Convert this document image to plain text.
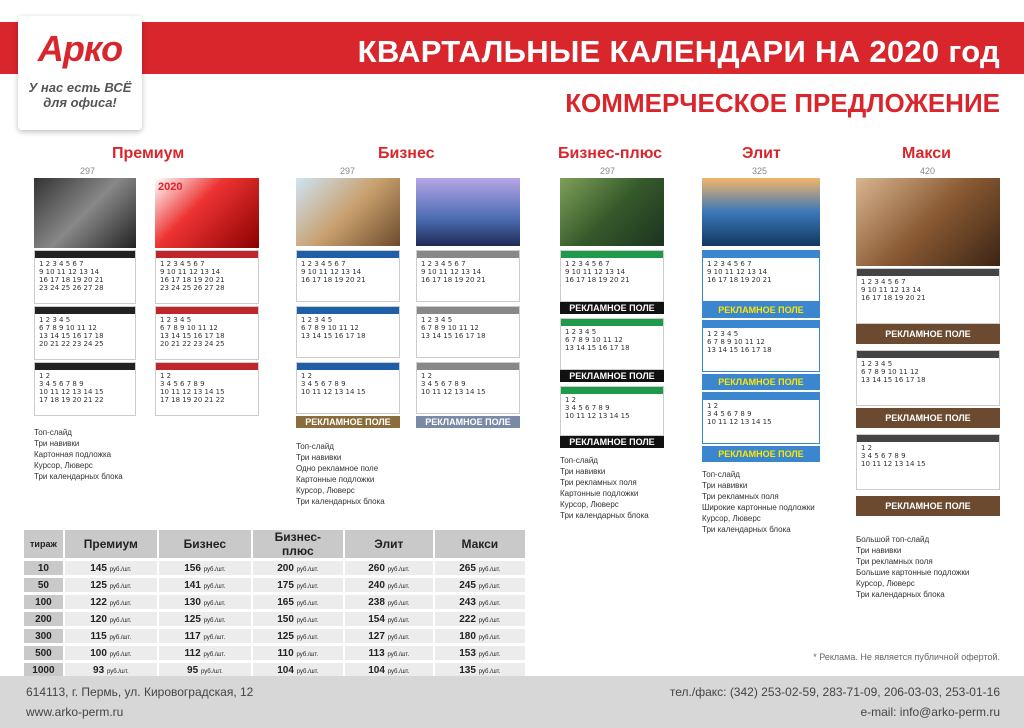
КВАРТАЛЬНЫЕ КАЛЕНДАРИ НА 2020 год
Арко
У нас есть ВСЁ
для офиса!	КОММЕРЧЕСКОЕ ПРЕДЛОЖЕНИЕ
Премиум	Бизнес	Бизнес-плюс	Элит	Макси
297	297	297	325	420
1 2 3 4 5 6 7
9 10 11 12 13 14
16 17 18 19 20 21
23 24 25 26 27 28
1 2 3 4 5
6 7 8 9 10 11 12
13 14 15 16 17 18
20 21 22 23 24 25
1 2
3 4 5 6 7 8 9
10 11 12 13 14 15
17 18 19 20 21 22
2020
1 2 3 4 5 6 7
9 10 11 12 13 14
16 17 18 19 20 21
23 24 25 26 27 28
1 2 3 4 5
6 7 8 9 10 11 12
13 14 15 16 17 18
20 21 22 23 24 25
1 2
3 4 5 6 7 8 9
10 11 12 13 14 15
17 18 19 20 21 22
1 2 3 4 5 6 7
9 10 11 12 13 14
16 17 18 19 20 21
1 2 3 4 5
6 7 8 9 10 11 12
13 14 15 16 17 18
1 2
3 4 5 6 7 8 9
10 11 12 13 14 15
РЕКЛАМНОЕ ПОЛЕ
1 2 3 4 5 6 7
9 10 11 12 13 14
16 17 18 19 20 21
1 2 3 4 5
6 7 8 9 10 11 12
13 14 15 16 17 18
1 2
3 4 5 6 7 8 9
10 11 12 13 14 15
РЕКЛАМНОЕ ПОЛЕ
1 2 3 4 5 6 7
9 10 11 12 13 14
16 17 18 19 20 21
РЕКЛАМНОЕ ПОЛЕ
1 2 3 4 5
6 7 8 9 10 11 12
13 14 15 16 17 18
РЕКЛАМНОЕ ПОЛЕ
1 2
3 4 5 6 7 8 9
10 11 12 13 14 15
РЕКЛАМНОЕ ПОЛЕ
1 2 3 4 5 6 7
9 10 11 12 13 14
16 17 18 19 20 21
РЕКЛАМНОЕ ПОЛЕ
1 2 3 4 5
6 7 8 9 10 11 12
13 14 15 16 17 18
РЕКЛАМНОЕ ПОЛЕ
1 2
3 4 5 6 7 8 9
10 11 12 13 14 15
РЕКЛАМНОЕ ПОЛЕ
1 2 3 4 5 6 7
9 10 11 12 13 14
16 17 18 19 20 21
РЕКЛАМНОЕ ПОЛЕ
1 2 3 4 5
6 7 8 9 10 11 12
13 14 15 16 17 18
РЕКЛАМНОЕ ПОЛЕ
1 2
3 4 5 6 7 8 9
10 11 12 13 14 15
РЕКЛАМНОЕ ПОЛЕ
Топ-слайд
Три навивки
Картонная подложка
Курсор, Люверс
Три календарных блока
Топ-слайд
Три навивки
Одно рекламное поле
Картонные подложки
Курсор, Люверс
Три календарных блока
Топ-слайд
Три навивки
Три рекламных поля
Картонные подложки
Курсор, Люверс
Три календарных блока
Топ-слайд
Три навивки
Три рекламных поля
Широкие картонные подложки
Курсор, Люверс
Три календарных блока
Большой топ-слайд
Три навивки
Три рекламных поля
Большие картонные подложки
Курсор, Люверс
Три календарных блока
тираж	Премиум	Бизнес	Бизнес-плюс	Элит	Макси
10	145 руб./шт.	156 руб./шт.	200 руб./шт.	260 руб./шт.	265 руб./шт.
50	125 руб./шт.	141 руб./шт.	175 руб./шт.	240 руб./шт.	245 руб./шт.
100	122 руб./шт.	130 руб./шт.	165 руб./шт.	238 руб./шт.	243 руб./шт.
200	120 руб./шт.	125 руб./шт.	150 руб./шт.	154 руб./шт.	222 руб./шт.
300	115 руб./шт.	117 руб./шт.	125 руб./шт.	127 руб./шт.	180 руб./шт.
500	100 руб./шт.	112 руб./шт.	110 руб./шт.	113 руб./шт.	153 руб./шт.
1000	93 руб./шт.	95 руб./шт.	104 руб./шт.	104 руб./шт.	135 руб./шт.
* Реклама. Не является публичной офертой.
614113, г. Пермь, ул. Кировоградская, 12
www.arko-perm.ru
тел./факс: (342) 253-02-59, 283-71-09, 206-03-03, 253-01-16
e-mail: info@arko-perm.ru
